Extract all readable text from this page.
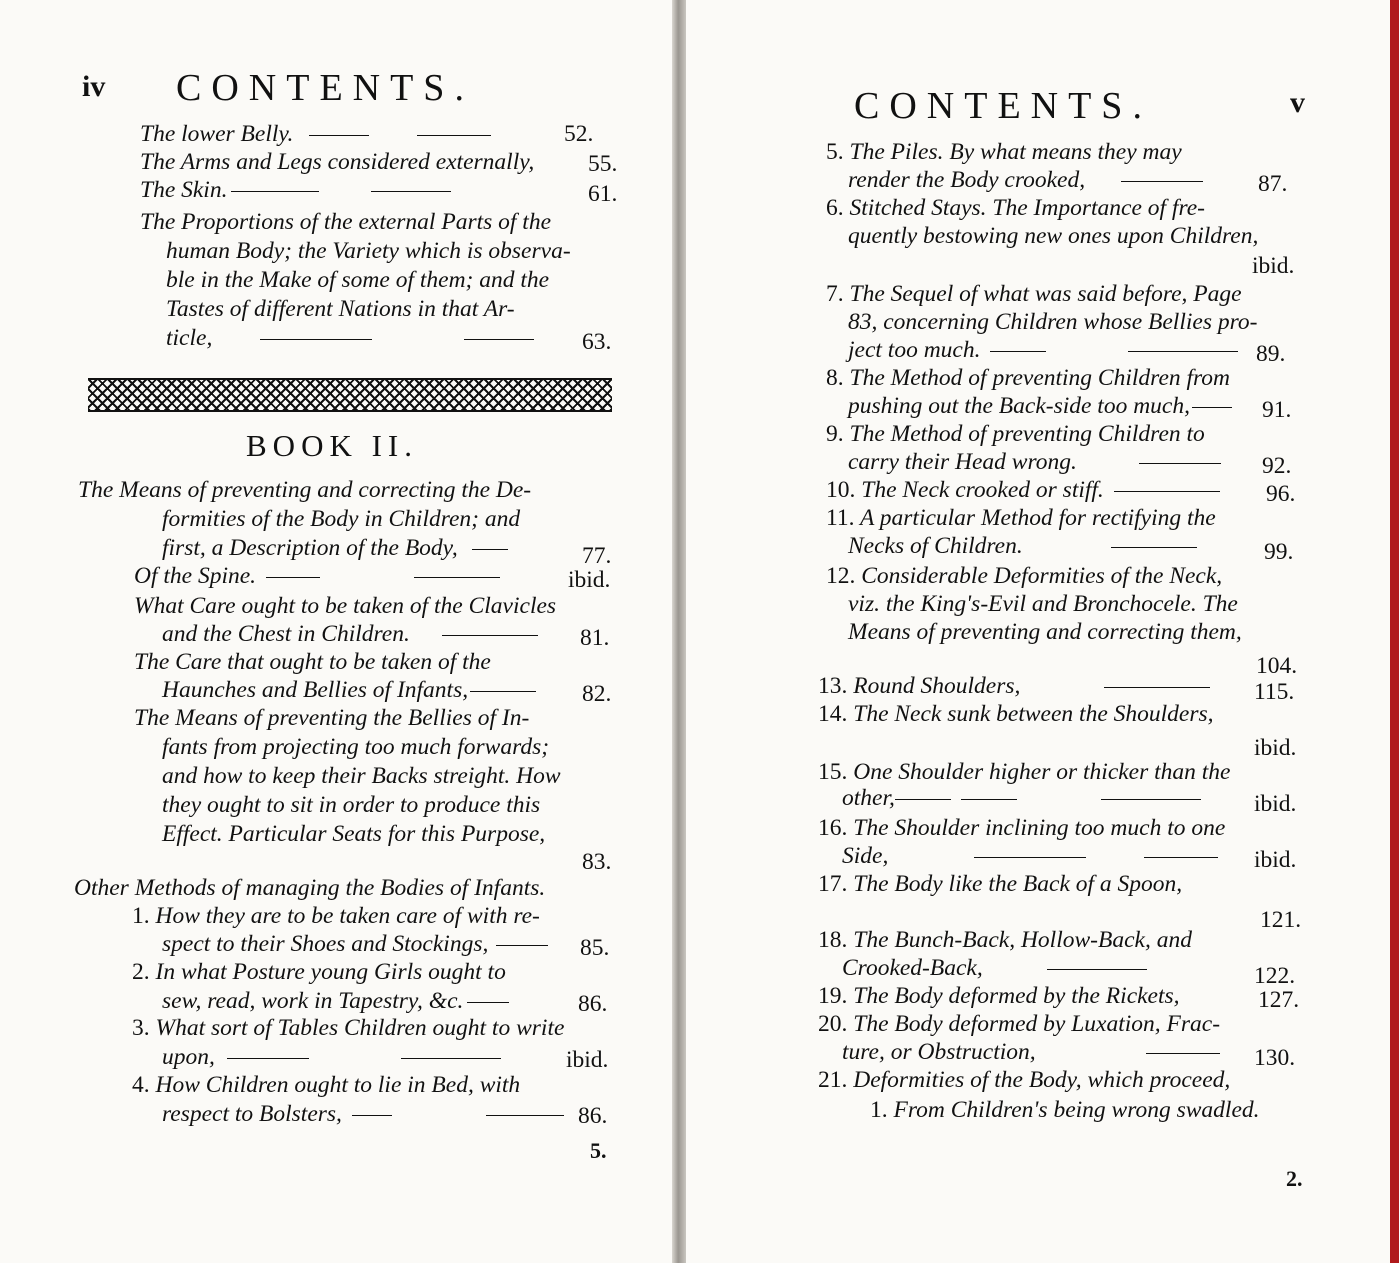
iv CONTENTS.
The lower Belly.	52.
The Arms and Legs considered externally, 55.
The Skin.	61.
The Proportions of the external Parts of the
human Body; the Variety which is observa-
ble in the Make of some of them; and the
Tastes of different Nations in that Ar-
ticle,	63.
BOOK II.
The Means of preventing and correcting the De-
formities of the Body in Children; and
first, a Description of the Body,	77.
Of the Spine.	ibid.
What Care ought to be taken of the Clavicles
and the Chest in Children.	81.
The Care that ought to be taken of the
Haunches and Bellies of Infants,	82.
The Means of preventing the Bellies of In-
fants from projecting too much forwards;
and how to keep their Backs streight. How
they ought to sit in order to produce this
Effect. Particular Seats for this Purpose,
83.
Other Methods of managing the Bodies of Infants.
1. How they are to be taken care of with re-
spect to their Shoes and Stockings,	85.
2. In what Posture young Girls ought to
sew, read, work in Tapestry, &c.	86.
3. What sort of Tables Children ought to write
upon,	ibid.
4. How Children ought to lie in Bed, with
respect to Bolsters,	86.
5.
CONTENTS.	v
5. The Piles. By what means they may
render the Body crooked,	87.
6. Stitched Stays. The Importance of fre-
quently bestowing new ones upon Children,
ibid.
7. The Sequel of what was said before, Page
83, concerning Children whose Bellies pro-
ject too much.	89.
8. The Method of preventing Children from
pushing out the Back-side too much,	91.
9. The Method of preventing Children to
carry their Head wrong.	92.
10. The Neck crooked or stiff.	96.
11. A particular Method for rectifying the
Necks of Children.	99.
12. Considerable Deformities of the Neck,
viz. the King's-Evil and Bronchocele. The
Means of preventing and correcting them,
104.
13. Round Shoulders,	115.
14. The Neck sunk between the Shoulders,
ibid.
15. One Shoulder higher or thicker than the
other,	ibid.
16. The Shoulder inclining too much to one
Side,	ibid.
17. The Body like the Back of a Spoon,
121.
18. The Bunch-Back, Hollow-Back, and
Crooked-Back,	122.
19. The Body deformed by the Rickets,	127.
20. The Body deformed by Luxation, Frac-
ture, or Obstruction,	130.
21. Deformities of the Body, which proceed,
1. From Children's being wrong swadled.
2.
